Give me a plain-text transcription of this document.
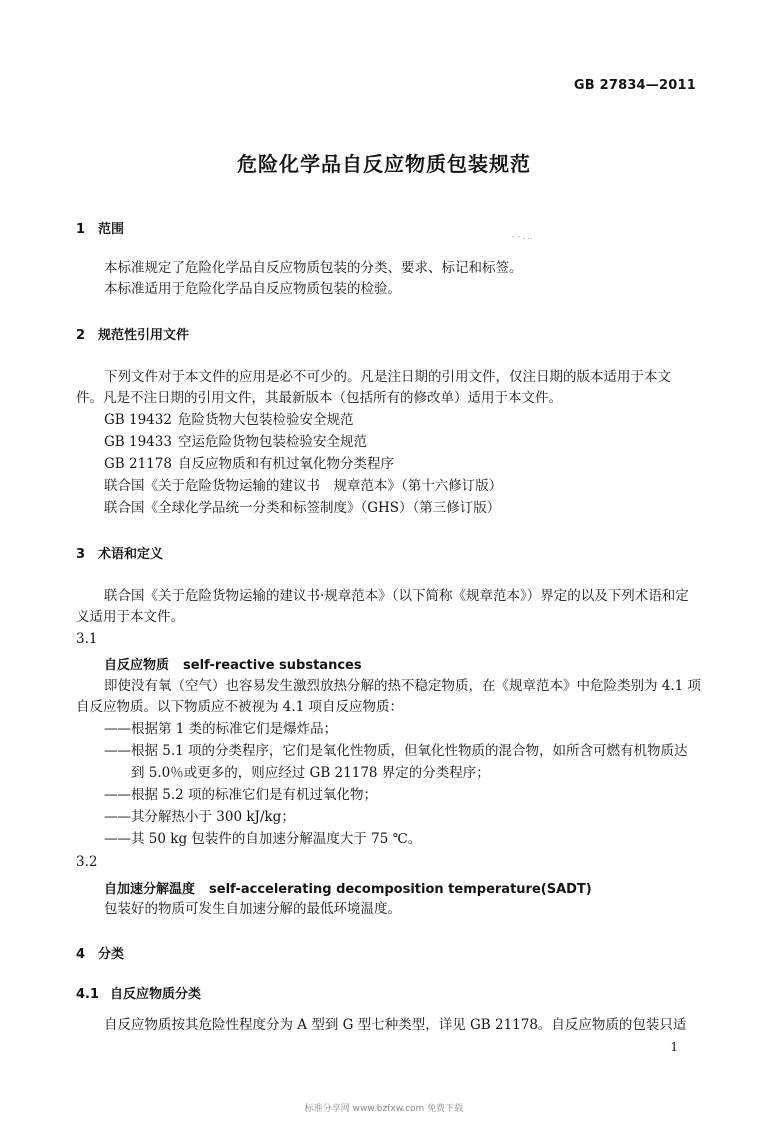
GB 27834—2011
危险化学品自反应物质包装规范
- ‐ . ..
1 范围
本标准规定了危险化学品自反应物质包装的分类、要求、标记和标签。
本标准适用于危险化学品自反应物质包装的检验。
2 规范性引用文件
下列文件对于本文件的应用是必不可少的。凡是注日期的引用文件，仅注日期的版本适用于本文
件。凡是不注日期的引用文件，其最新版本（包括所有的修改单）适用于本文件。
GB 19432 危险货物大包装检验安全规范
GB 19433 空运危险货物包装检验安全规范
GB 21178 自反应物质和有机过氧化物分类程序
联合国《关于危险货物运输的建议书　规章范本》（第十六修订版）
联合国《全球化学品统一分类和标签制度》（GHS）（第三修订版）
3 术语和定义
联合国《关于危险货物运输的建议书·规章范本》（以下简称《规章范本》）界定的以及下列术语和定
义适用于本文件。
3.1
自反应物质 self-reactive substances
即使没有氧（空气）也容易发生激烈放热分解的热不稳定物质，在《规章范本》中危险类别为 4.1 项
自反应物质。以下物质应不被视为 4.1 项自反应物质：
——根据第 1 类的标准它们是爆炸品；
——根据 5.1 项的分类程序，它们是氧化性物质，但氧化性物质的混合物，如所含可燃有机物质达
到 5.0％或更多的，则应经过 GB 21178 界定的分类程序；
——根据 5.2 项的标准它们是有机过氧化物；
——其分解热小于 300 kJ/kg；
——其 50 kg 包装件的自加速分解温度大于 75 ℃。
3.2
自加速分解温度 self-accelerating decomposition temperature(SADT)
包装好的物质可发生自加速分解的最低环境温度。
4 分类
4.1 自反应物质分类
自反应物质按其危险性程度分为 A 型到 G 型七种类型，详见 GB 21178。自反应物质的包装只适
1
标准分享网 www.bzfxw.com 免费下载
